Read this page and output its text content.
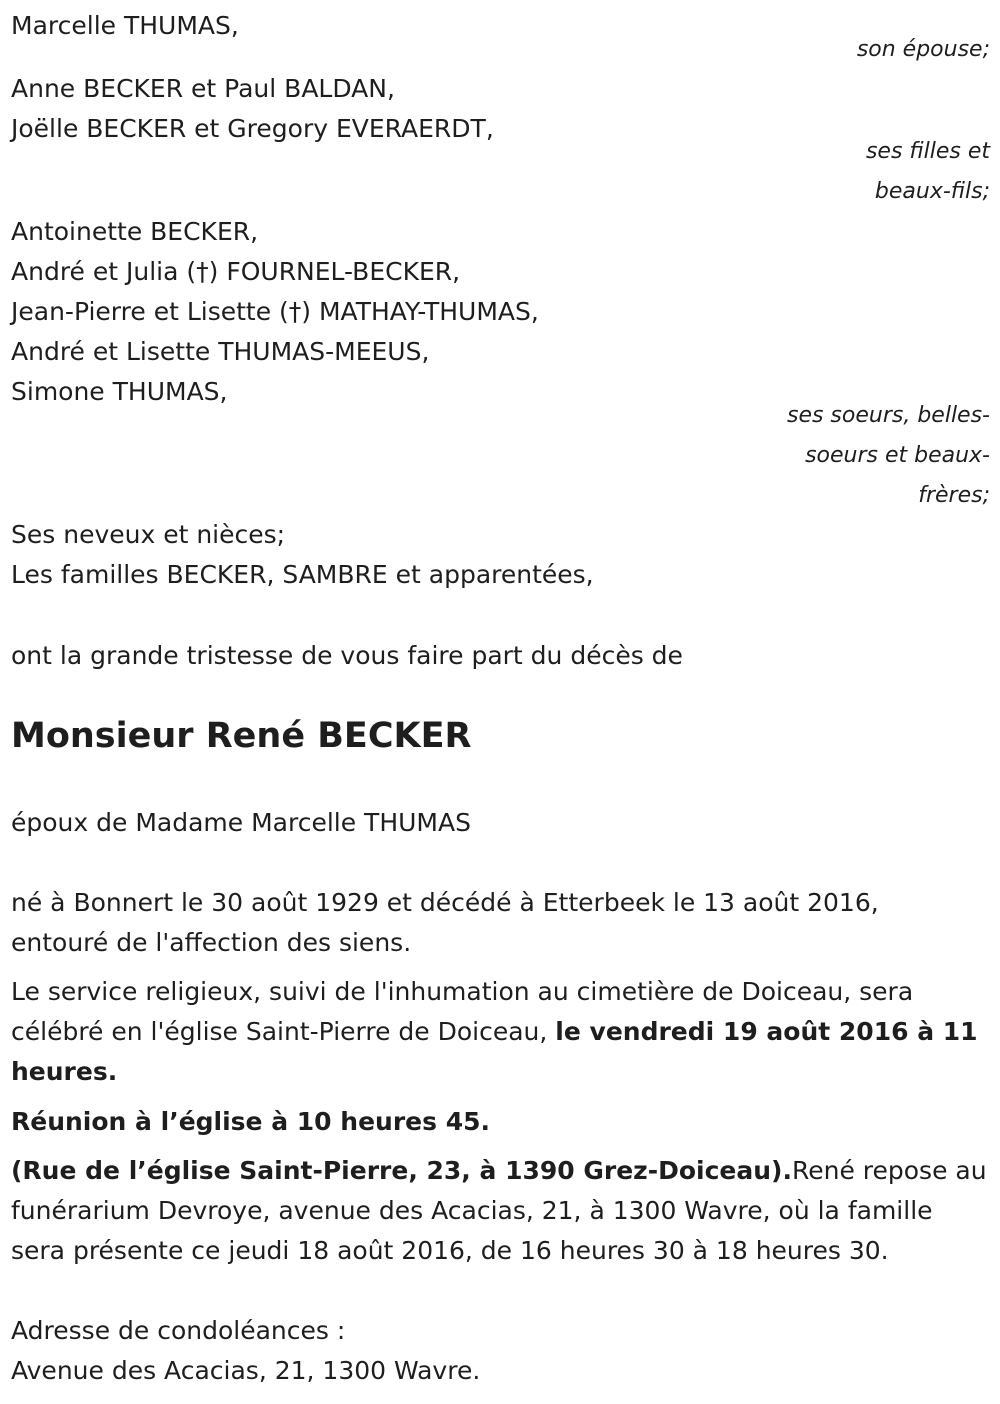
Marcelle THUMAS,
son épouse;
Anne BECKER et Paul BALDAN,
Joëlle BECKER et Gregory EVERAERDT,
ses filles et
beaux-fils;
Antoinette BECKER,
André et Julia (†) FOURNEL-BECKER,
Jean-Pierre et Lisette (†) MATHAY-THUMAS,
André et Lisette THUMAS-MEEUS,
Simone THUMAS,
ses soeurs, belles-
soeurs et beaux-
frères;
Ses neveux et nièces;
Les familles BECKER, SAMBRE et apparentées,
ont la grande tristesse de vous faire part du décès de
Monsieur René BECKER
époux de Madame Marcelle THUMAS
né à Bonnert le 30 août 1929 et décédé à Etterbeek le 13 août 2016,
entouré de l'affection des siens.
Le service religieux, suivi de l'inhumation au cimetière de Doiceau, sera célébré en l'église Saint-Pierre de Doiceau, le vendredi 19 août 2016 à 11 heures.
Réunion à l’église à 10 heures 45.
(Rue de l’église Saint-Pierre, 23, à 1390 Grez-Doiceau).René repose au funérarium Devroye, avenue des Acacias, 21, à 1300 Wavre, où la famille sera présente ce jeudi 18 août 2016, de 16 heures 30 à 18 heures 30.
Adresse de condoléances :
Avenue des Acacias, 21, 1300 Wavre.
